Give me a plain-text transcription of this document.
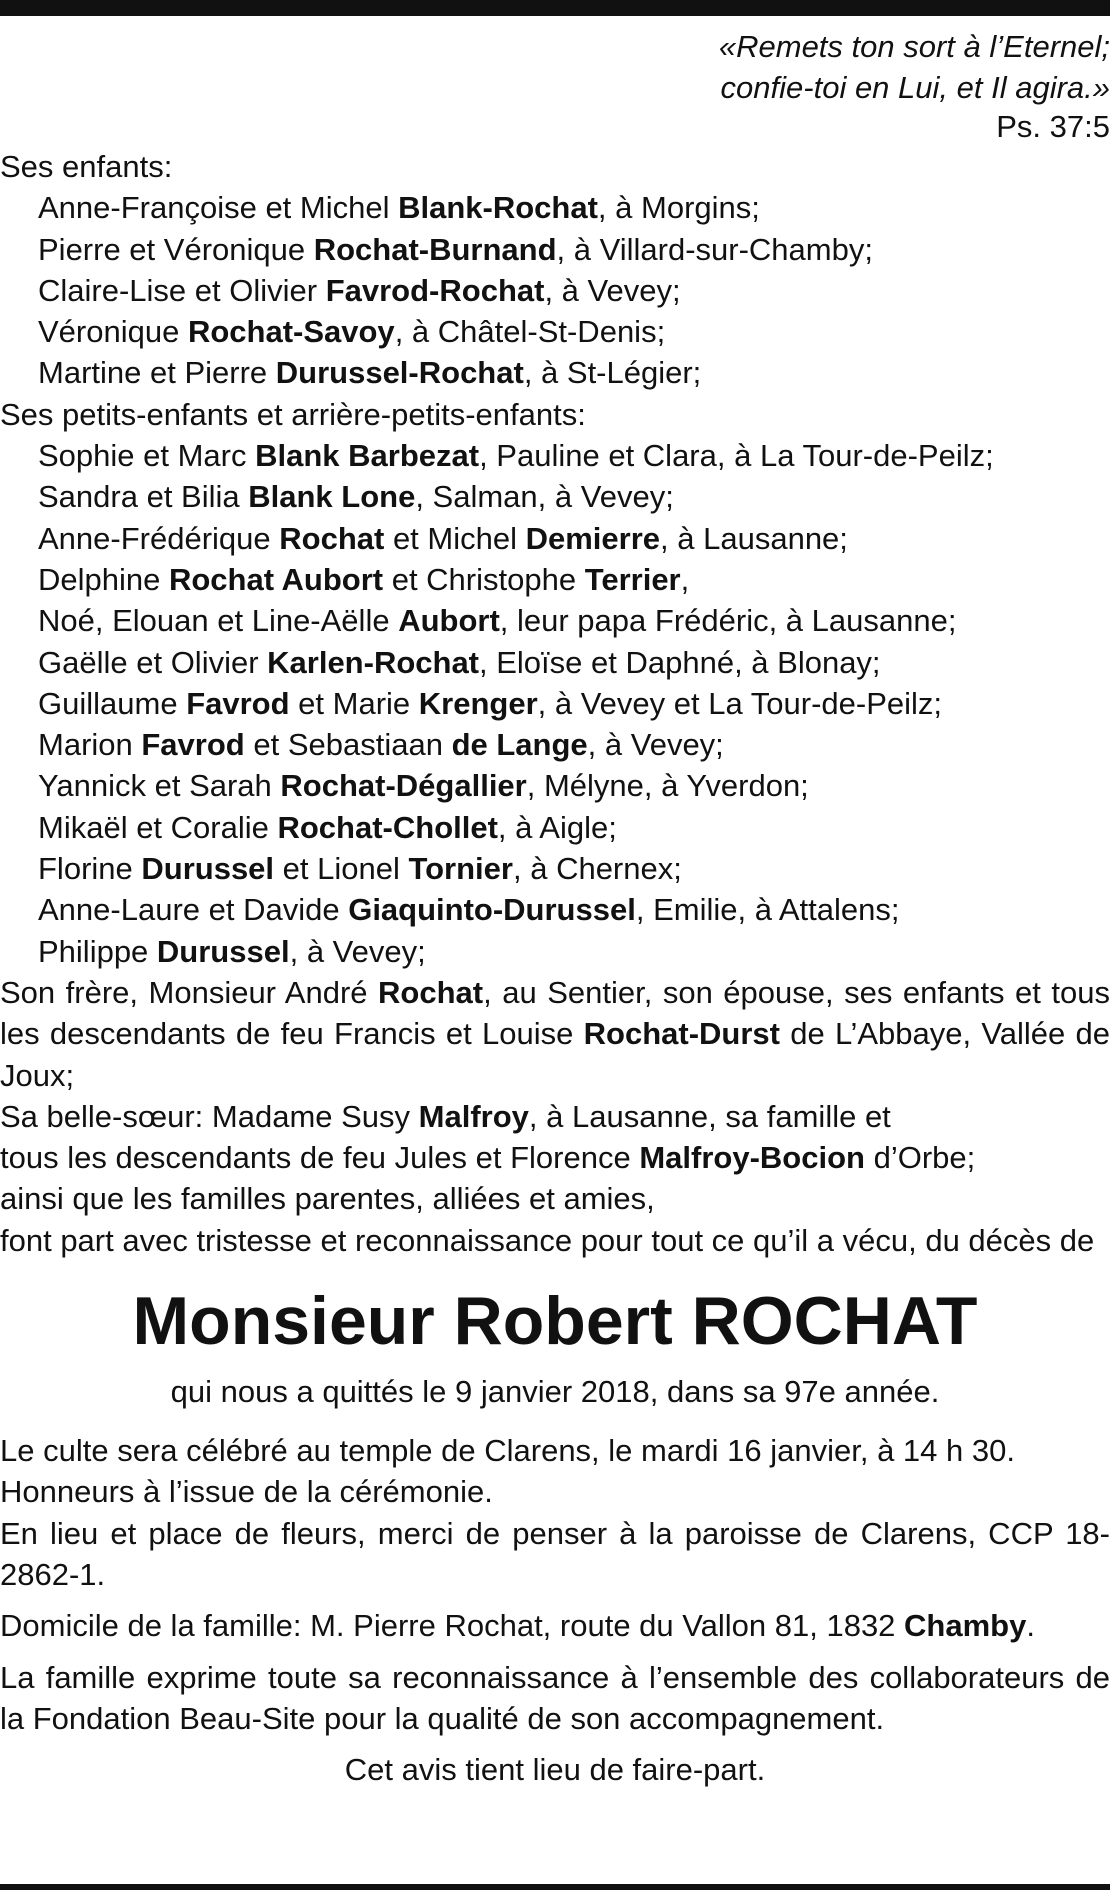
«Remets ton sort à l’Eternel;
confie-toi en Lui, et Il agira.»
Ps. 37:5
Ses enfants:
Anne-Françoise et Michel Blank-Rochat, à Morgins;
Pierre et Véronique Rochat-Burnand, à Villard-sur-Chamby;
Claire-Lise et Olivier Favrod-Rochat, à Vevey;
Véronique Rochat-Savoy, à Châtel-St-Denis;
Martine et Pierre Durussel-Rochat, à St-Légier;
Ses petits-enfants et arrière-petits-enfants:
Sophie et Marc Blank Barbezat, Pauline et Clara, à La Tour-de-Peilz;
Sandra et Bilia Blank Lone, Salman, à Vevey;
Anne-Frédérique Rochat et Michel Demierre, à Lausanne;
Delphine Rochat Aubort et Christophe Terrier,
Noé, Elouan et Line-Aëlle Aubort, leur papa Frédéric, à Lausanne;
Gaëlle et Olivier Karlen-Rochat, Eloïse et Daphné, à Blonay;
Guillaume Favrod et Marie Krenger, à Vevey et La Tour-de-Peilz;
Marion Favrod et Sebastiaan de Lange, à Vevey;
Yannick et Sarah Rochat-Dégallier, Mélyne, à Yverdon;
Mikaël et Coralie Rochat-Chollet, à Aigle;
Florine Durussel et Lionel Tornier, à Chernex;
Anne-Laure et Davide Giaquinto-Durussel, Emilie, à Attalens;
Philippe Durussel, à Vevey;
Son frère, Monsieur André Rochat, au Sentier, son épouse, ses enfants et tous les descendants de feu Francis et Louise Rochat-Durst de L’Abbaye, Vallée de Joux;
Sa belle-sœur: Madame Susy Malfroy, à Lausanne, sa famille et
tous les descendants de feu Jules et Florence Malfroy-Bocion d’Orbe;
ainsi que les familles parentes, alliées et amies,
font part avec tristesse et reconnaissance pour tout ce qu’il a vécu, du décès de
Monsieur Robert ROCHAT
qui nous a quittés le 9 janvier 2018, dans sa 97e année.
Le culte sera célébré au temple de Clarens, le mardi 16 janvier, à 14 h 30.
Honneurs à l’issue de la cérémonie.
En lieu et place de fleurs, merci de penser à la paroisse de Clarens, CCP 18-2862-1.
Domicile de la famille: M. Pierre Rochat, route du Vallon 81, 1832 Chamby.
La famille exprime toute sa reconnaissance à l’ensemble des collaborateurs de la Fondation Beau-Site pour la qualité de son accompagnement.
Cet avis tient lieu de faire-part.
